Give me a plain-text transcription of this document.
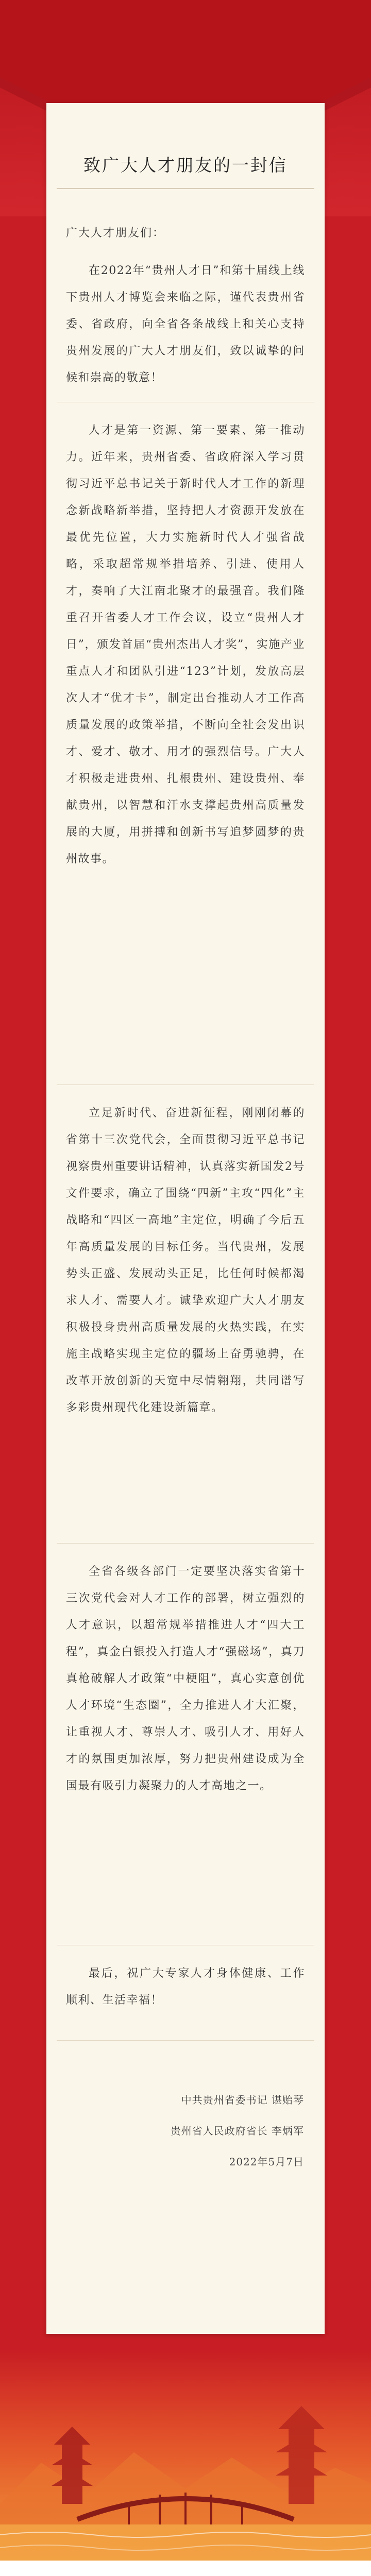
致广大人才朋友的一封信
广大人才朋友们：

在2022年“贵州人才日”和第十届线上线下贵州人才博览会来临之际，谨代表贵州省委、省政府，向全省各条战线上和关心支持贵州发展的广大人才朋友们，致以诚挚的问候和崇高的敬意！

人才是第一资源、第一要素、第一推动力。近年来，贵州省委、省政府深入学习贯彻习近平总书记关于新时代人才工作的新理念新战略新举措，坚持把人才资源开发放在最优先位置，大力实施新时代人才强省战略，采取超常规举措培养、引进、使用人才，奏响了大江南北聚才的最强音。我们隆重召开省委人才工作会议，设立“贵州人才日”，颁发首届“贵州杰出人才奖”，实施产业重点人才和团队引进“123”计划，发放高层次人才“优才卡”，制定出台推动人才工作高质量发展的政策举措，不断向全社会发出识才、爱才、敬才、用才的强烈信号。广大人才积极走进贵州、扎根贵州、建设贵州、奉献贵州，以智慧和汗水支撑起贵州高质量发展的大厦，用拼搏和创新书写追梦圆梦的贵州故事。

立足新时代、奋进新征程，刚刚闭幕的省第十三次党代会，全面贯彻习近平总书记视察贵州重要讲话精神，认真落实新国发2号文件要求，确立了围绕“四新”主攻“四化”主战略和“四区一高地”主定位，明确了今后五年高质量发展的目标任务。当代贵州，发展势头正盛、发展动头正足，比任何时候都渴求人才、需要人才。诚挚欢迎广大人才朋友积极投身贵州高质量发展的火热实践，在实施主战略实现主定位的疆场上奋勇驰骋，在改革开放创新的天宽中尽情翱翔，共同谱写多彩贵州现代化建设新篇章。

全省各级各部门一定要坚决落实省第十三次党代会对人才工作的部署，树立强烈的人才意识，以超常规举措推进人才“四大工程”，真金白银投入打造人才“强磁场”，真刀真枪破解人才政策“中梗阻”，真心实意创优人才环境“生态圈”，全力推进人才大汇聚，让重视人才、尊崇人才、吸引人才、用好人才的氛围更加浓厚，努力把贵州建设成为全国最有吸引力凝聚力的人才高地之一。

最后，祝广大专家人才身体健康、工作顺利、生活幸福！

中共贵州省委书记 谌贻琴
贵州省人民政府省长 李炳军
2022年5月7日
